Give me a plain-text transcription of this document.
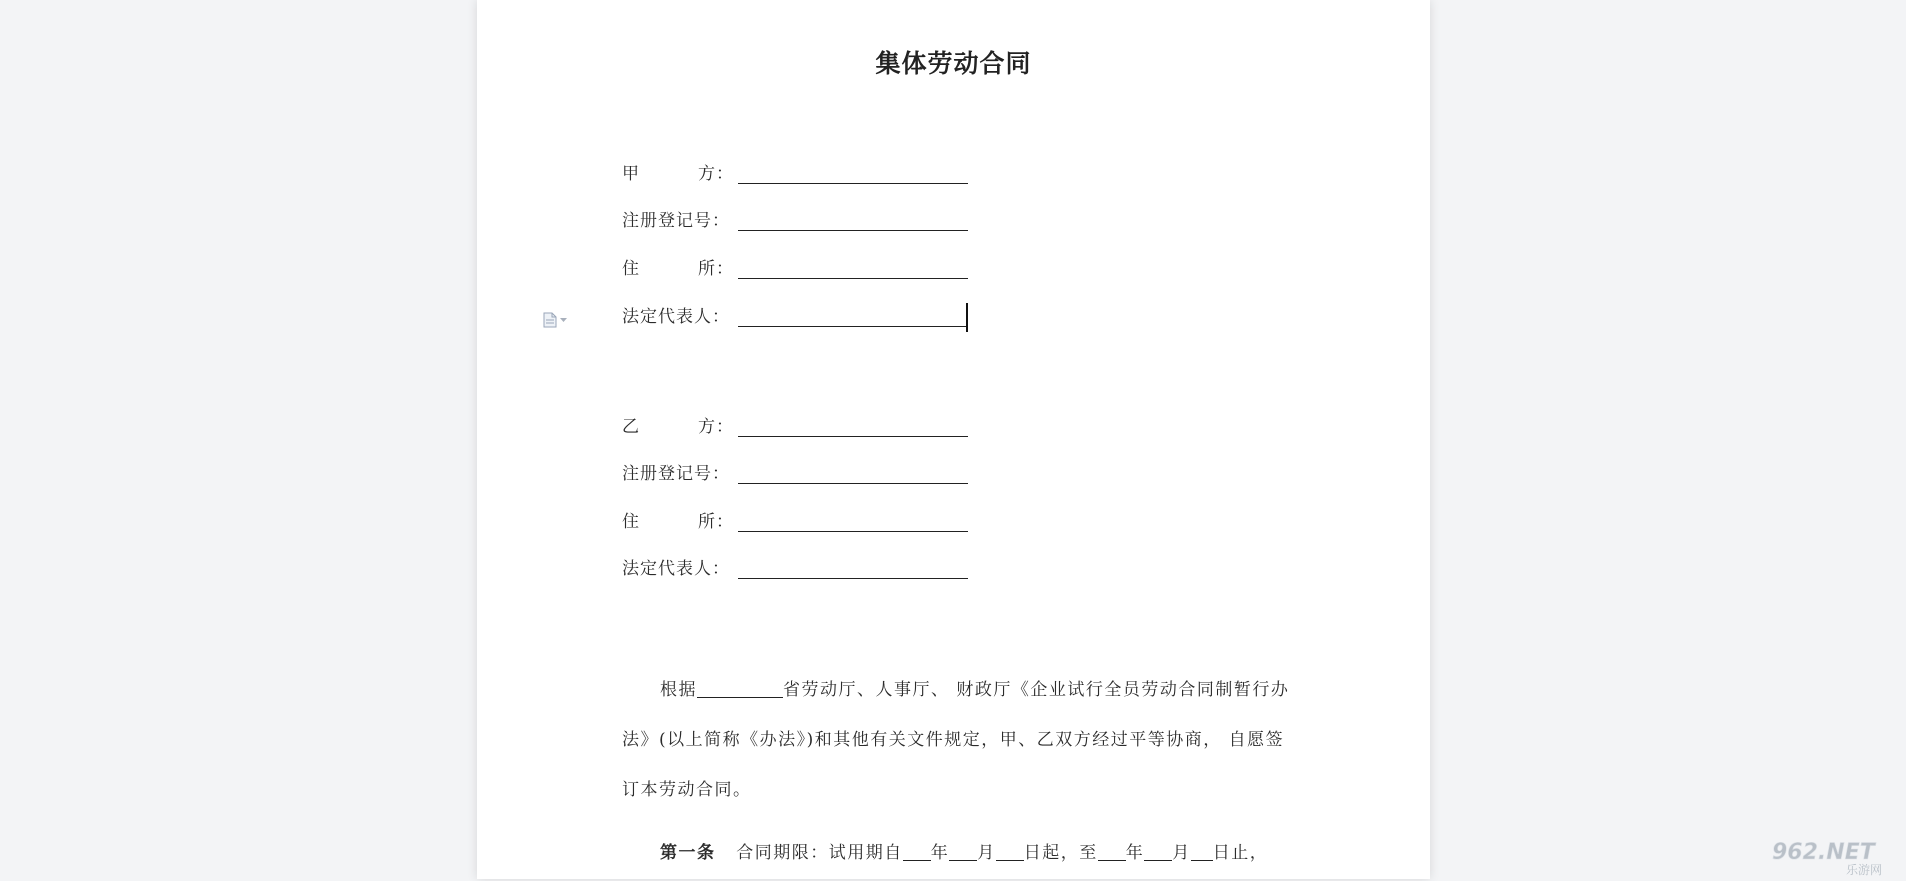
集体劳动合同
甲	方：
注册登记号：
住	所：
法定代表人：
乙	方：
注册登记号：
住	所：
法定代表人：
根据	省劳动厅、人事厅、 财政厅《企业试行全员劳动合同制暂行办法》(以上简称《办法》)和其他有关文件规定，甲、乙双方经过平等协商， 自愿签订本劳动合同。
第一条 合同期限：试用期自 年 月 日起，至 年 月 日止，	962.NET
乐游网
